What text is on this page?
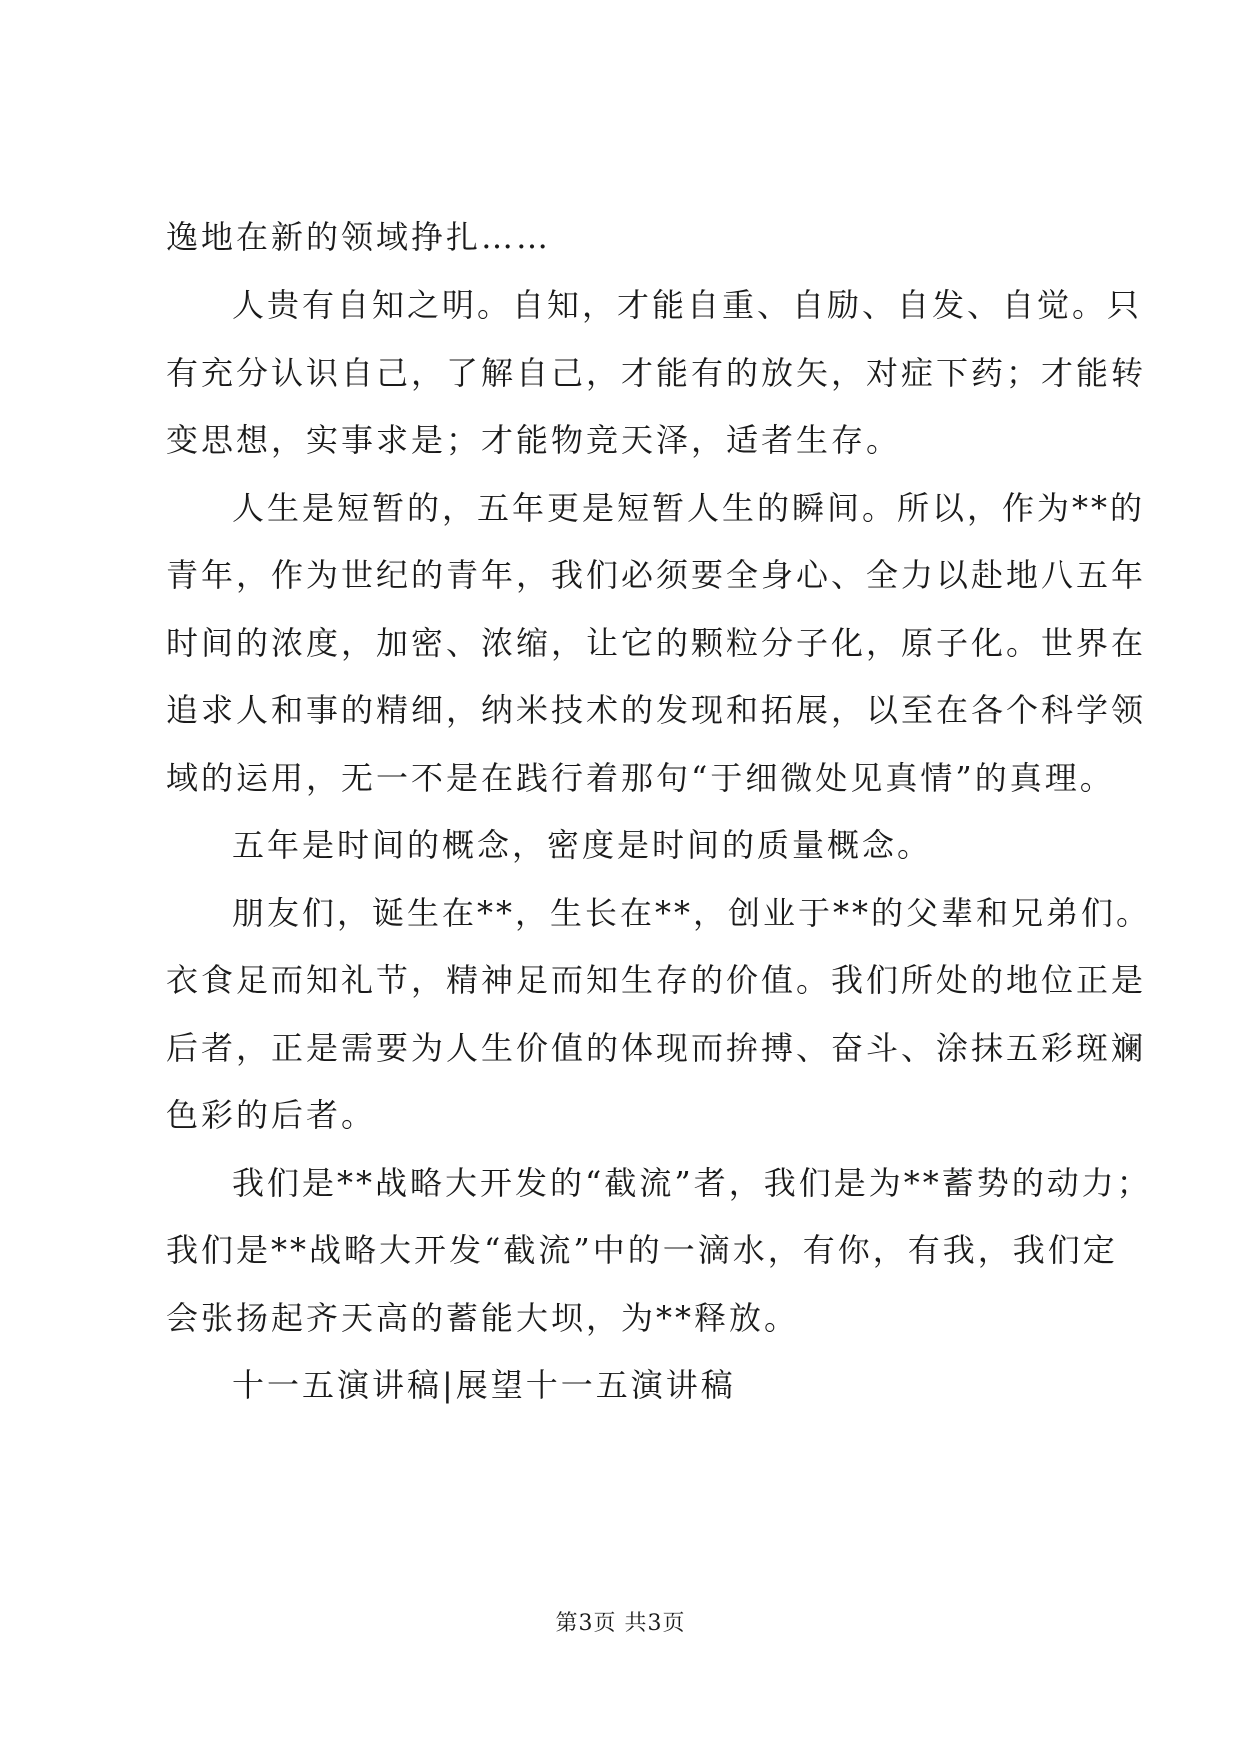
逸地在新的领域挣扎……
人贵有自知之明。自知，才能自重、自励、自发、自觉。只
有充分认识自己，了解自己，才能有的放矢，对症下药；才能转
变思想，实事求是；才能物竞天泽，适者生存。
人生是短暂的，五年更是短暂人生的瞬间。所以，作为**的
青年，作为世纪的青年，我们必须要全身心、全力以赴地八五年
时间的浓度，加密、浓缩，让它的颗粒分子化，原子化。世界在
追求人和事的精细，纳米技术的发现和拓展，以至在各个科学领
域的运用，无一不是在践行着那句“于细微处见真情”的真理。
五年是时间的概念，密度是时间的质量概念。
朋友们，诞生在**，生长在**，创业于**的父辈和兄弟们。
衣食足而知礼节，精神足而知生存的价值。我们所处的地位正是
后者，正是需要为人生价值的体现而拚搏、奋斗、涂抹五彩斑斓
色彩的后者。
我们是**战略大开发的“截流”者，我们是为**蓄势的动力；
我们是**战略大开发“截流”中的一滴水，有你，有我，我们定
会张扬起齐天高的蓄能大坝，为**释放。
十一五演讲稿|展望十一五演讲稿
第3页 共3页
